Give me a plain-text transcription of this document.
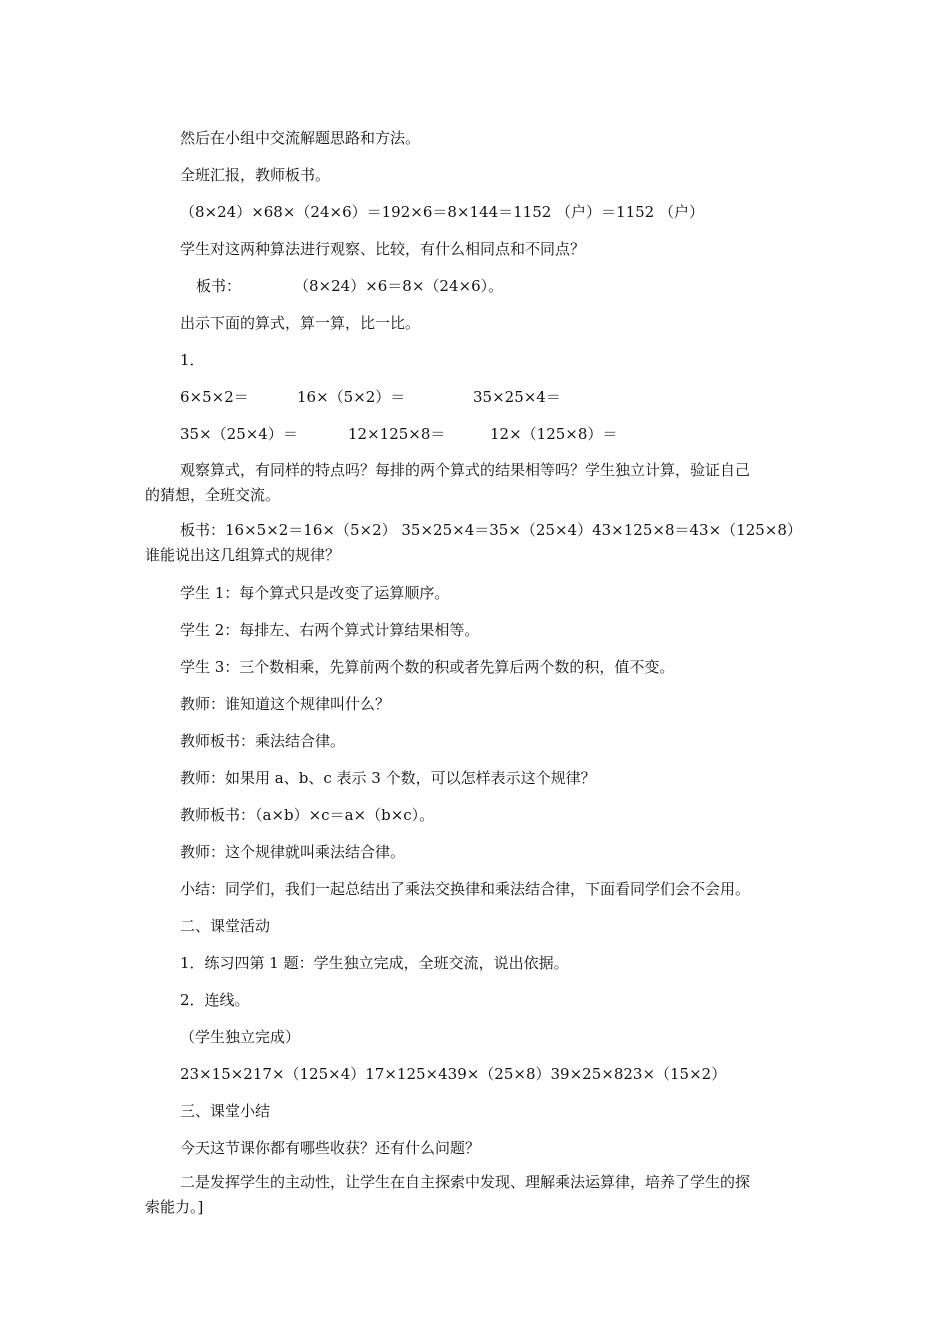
然后在小组中交流解题思路和方法。
全班汇报，教师板书。
（8×24）×68×（24×6）＝192×6＝8×144＝1152 （户）＝1152 （户）
学生对这两种算法进行观察、比较，有什么相同点和不同点？
板书：	（8×24）×6＝8×（24×6）。
出示下面的算式，算一算，比一比。
1．
6×5×2＝	16×（5×2）＝	35×25×4＝
35×（25×4）＝	12×125×8＝	12×（125×8）＝
观察算式，有同样的特点吗？每排的两个算式的结果相等吗？学生独立计算，验证自己
的猜想，全班交流。
板书：16×5×2＝16×（5×2） 35×25×4＝35×（25×4）43×125×8＝43×（125×8）
谁能说出这几组算式的规律？
学生 1：每个算式只是改变了运算顺序。
学生 2：每排左、右两个算式计算结果相等。
学生 3：三个数相乘，先算前两个数的积或者先算后两个数的积，值不变。
教师：谁知道这个规律叫什么？
教师板书：乘法结合律。
教师：如果用 a、b、c 表示 3 个数，可以怎样表示这个规律？
教师板书：（a×b）×c＝a×（b×c）。
教师：这个规律就叫乘法结合律。
小结：同学们，我们一起总结出了乘法交换律和乘法结合律，下面看同学们会不会用。
二、课堂活动
1．练习四第 1 题：学生独立完成，全班交流，说出依据。
2．连线。
（学生独立完成）
23×15×217×（125×4）17×125×439×（25×8）39×25×823×（15×2）
三、课堂小结
今天这节课你都有哪些收获？还有什么问题？
二是发挥学生的主动性，让学生在自主探索中发现、理解乘法运算律，培养了学生的探
索能力。]
